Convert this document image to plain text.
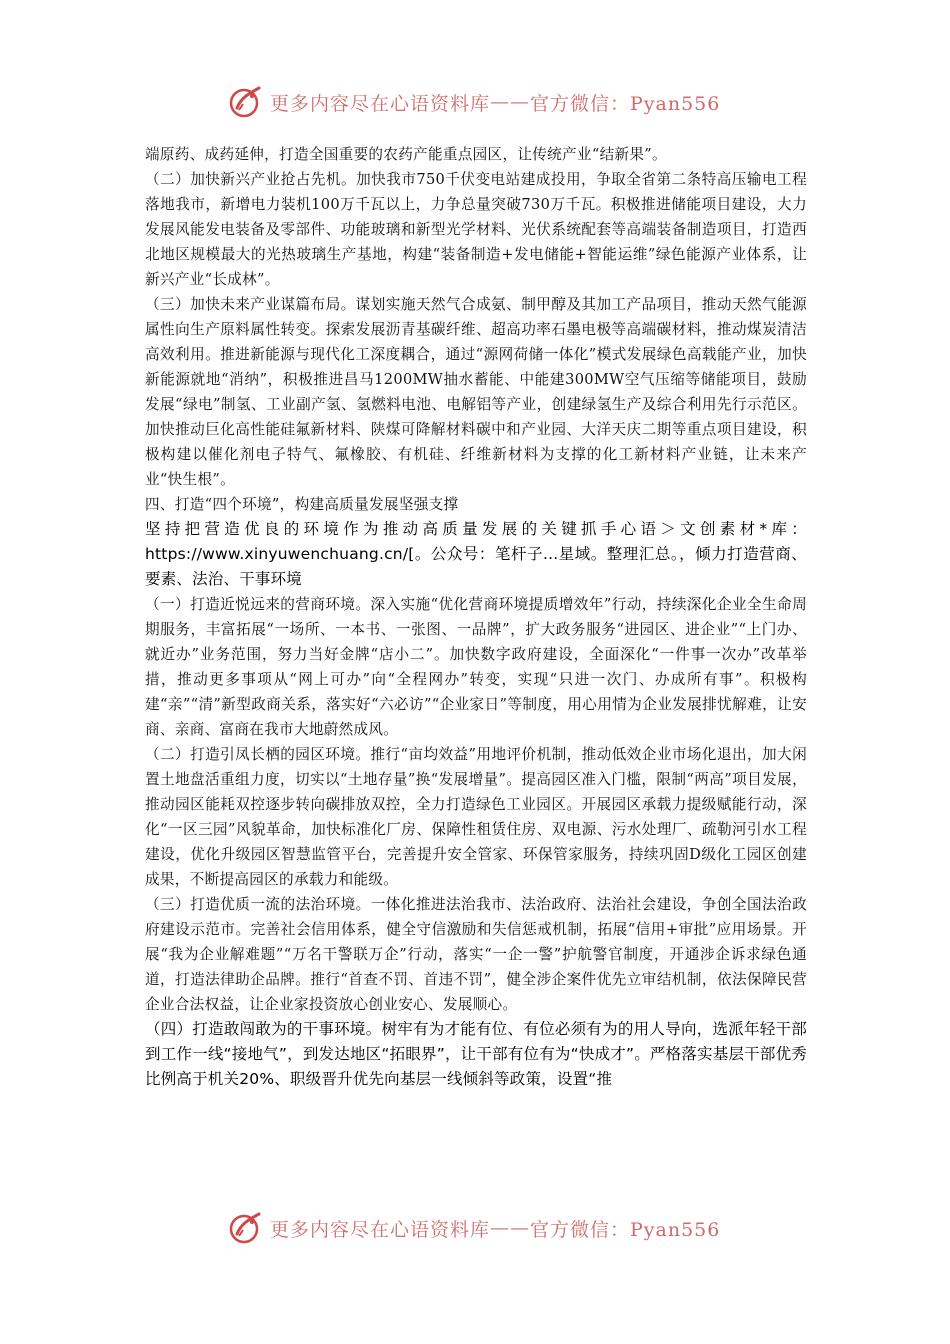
更多内容尽在心语资料库 —— 官方微信：Pyan556

端原药、成药延伸，打造全国重要的农药产能重点园区，让传统产业“结新果”。

（二）加快新兴产业抢占先机。加快我市750千伏变电站建成投用，争取全省第二条特高压输电工程落地我市，新增电力装机100万千瓦以上，力争总量突破730万千瓦。积极推进储能项目建设，大力发展风能发电装备及零部件、功能玻璃和新型光学材料、光伏系统配套等高端装备制造项目，打造西北地区规模最大的光热玻璃生产基地，构建“装备制造+发电储能+智能运维”绿色能源产业体系，让新兴产业“长成林”。

（三）加快未来产业谋篇布局。谋划实施天然气合成氨、制甲醇及其加工产品项目，推动天然气能源属性向生产原料属性转变。探索发展沥青基碳纤维、超高功率石墨电极等高端碳材料，推动煤炭清洁高效利用。推进新能源与现代化工深度耦合，通过“源网荷储一体化”模式发展绿色高载能产业，加快新能源就地“消纳”，积极推进昌马1200MW抽水蓄能、中能建300MW空气压缩等储能项目，鼓励发展“绿电”制氢、工业副产氢、氢燃料电池、电解铝等产业，创建绿氢生产及综合利用先行示范区。加快推动巨化高性能硅氟新材料、陕煤可降解材料碳中和产业园、大洋天庆二期等重点项目建设，积极构建以催化剂电子特气、氟橡胶、有机硅、纤维新材料为支撑的化工新材料产业链，让未来产业“快生根”。

四、打造“四个环境”，构建高质量发展坚强支撑

坚持把营造优良的环境作为推动高质量发展的关键抓手心语＞文创素材*库：https://www.xinyuwenchuang.cn/[。公众号：笔杆子...星域。整理汇总。，倾力打造营商、要素、法治、干事环境

（一）打造近悦远来的营商环境。深入实施“优化营商环境提质增效年”行动，持续深化企业全生命周期服务，丰富拓展“一场所、一本书、一张图、一品牌”，扩大政务服务“进园区、进企业”“上门办、就近办”业务范围，努力当好金牌“店小二”。加快数字政府建设，全面深化“一件事一次办”改革举措，推动更多事项从“网上可办”向“全程网办”转变，实现“只进一次门、办成所有事”。积极构建“亲”“清”新型政商关系，落实好“六必访”“企业家日”等制度，用心用情为企业发展排忧解难，让安商、亲商、富商在我市大地蔚然成风。

（二）打造引凤长栖的园区环境。推行“亩均效益”用地评价机制，推动低效企业市场化退出，加大闲置土地盘活重组力度，切实以“土地存量”换“发展增量”。提高园区准入门槛，限制“两高”项目发展，推动园区能耗双控逐步转向碳排放双控，全力打造绿色工业园区。开展园区承载力提级赋能行动，深化“一区三园”风貌革命，加快标准化厂房、保障性租赁住房、双电源、污水处理厂、疏勒河引水工程建设，优化升级园区智慧监管平台，完善提升安全管家、环保管家服务，持续巩固D级化工园区创建成果，不断提高园区的承载力和能级。

（三）打造优质一流的法治环境。一体化推进法治我市、法治政府、法治社会建设，争创全国法治政府建设示范市。完善社会信用体系，健全守信激励和失信惩戒机制，拓展“信用+审批”应用场景。开展“我为企业解难题”“万名干警联万企”行动，落实“一企一警”护航警官制度，开通涉企诉求绿色通道，打造法律助企品牌。推行“首查不罚、首违不罚”，健全涉企案件优先立审结机制，依法保障民营企业合法权益，让企业家投资放心创业安心、发展顺心。

（四）打造敢闯敢为的干事环境。树牢有为才能有位、有位必须有为的用人导向，选派年轻干部到工作一线“接地气”，到发达地区“拓眼界”，让干部有位有为“快成才”。严格落实基层干部优秀比例高于机关20%、职级晋升优先向基层一线倾斜等政策，设置“推

更多内容尽在心语资料库 —— 官方微信：Pyan556
